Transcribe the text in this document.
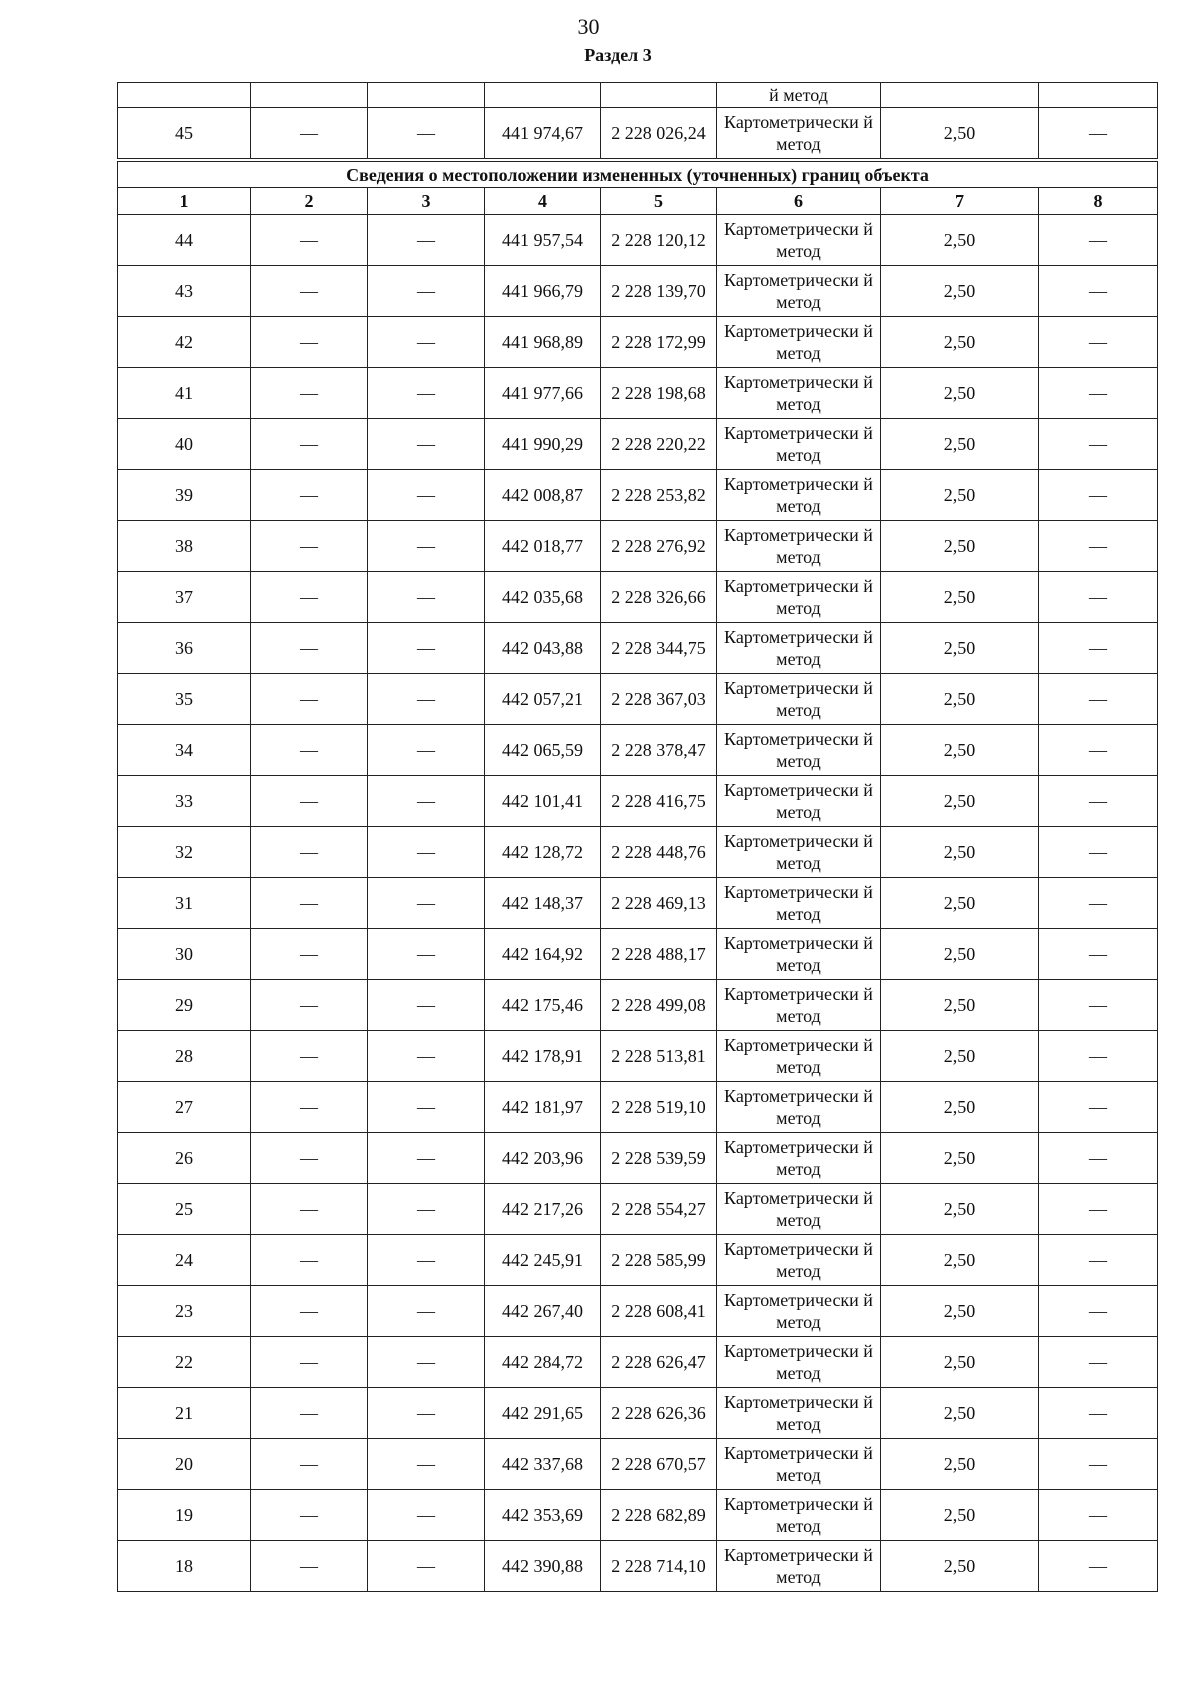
30
Раздел 3
					й метод		
45	—	—	441 974,67	2 228 026,24	Картометрически й метод	2,50	—
Сведения о местоположении измененных (уточненных) границ объекта							
1	2	3	4	5	6	7	8
44	—	—	441 957,54	2 228 120,12	Картометрически й метод	2,50	—
43	—	—	441 966,79	2 228 139,70	Картометрически й метод	2,50	—
42	—	—	441 968,89	2 228 172,99	Картометрически й метод	2,50	—
41	—	—	441 977,66	2 228 198,68	Картометрически й метод	2,50	—
40	—	—	441 990,29	2 228 220,22	Картометрически й метод	2,50	—
39	—	—	442 008,87	2 228 253,82	Картометрически й метод	2,50	—
38	—	—	442 018,77	2 228 276,92	Картометрически й метод	2,50	—
37	—	—	442 035,68	2 228 326,66	Картометрически й метод	2,50	—
36	—	—	442 043,88	2 228 344,75	Картометрически й метод	2,50	—
35	—	—	442 057,21	2 228 367,03	Картометрически й метод	2,50	—
34	—	—	442 065,59	2 228 378,47	Картометрически й метод	2,50	—
33	—	—	442 101,41	2 228 416,75	Картометрически й метод	2,50	—
32	—	—	442 128,72	2 228 448,76	Картометрически й метод	2,50	—
31	—	—	442 148,37	2 228 469,13	Картометрически й метод	2,50	—
30	—	—	442 164,92	2 228 488,17	Картометрически й метод	2,50	—
29	—	—	442 175,46	2 228 499,08	Картометрически й метод	2,50	—
28	—	—	442 178,91	2 228 513,81	Картометрически й метод	2,50	—
27	—	—	442 181,97	2 228 519,10	Картометрически й метод	2,50	—
26	—	—	442 203,96	2 228 539,59	Картометрически й метод	2,50	—
25	—	—	442 217,26	2 228 554,27	Картометрически й метод	2,50	—
24	—	—	442 245,91	2 228 585,99	Картометрически й метод	2,50	—
23	—	—	442 267,40	2 228 608,41	Картометрически й метод	2,50	—
22	—	—	442 284,72	2 228 626,47	Картометрически й метод	2,50	—
21	—	—	442 291,65	2 228 626,36	Картометрически й метод	2,50	—
20	—	—	442 337,68	2 228 670,57	Картометрически й метод	2,50	—
19	—	—	442 353,69	2 228 682,89	Картометрически й метод	2,50	—
18	—	—	442 390,88	2 228 714,10	Картометрически й метод	2,50	—
